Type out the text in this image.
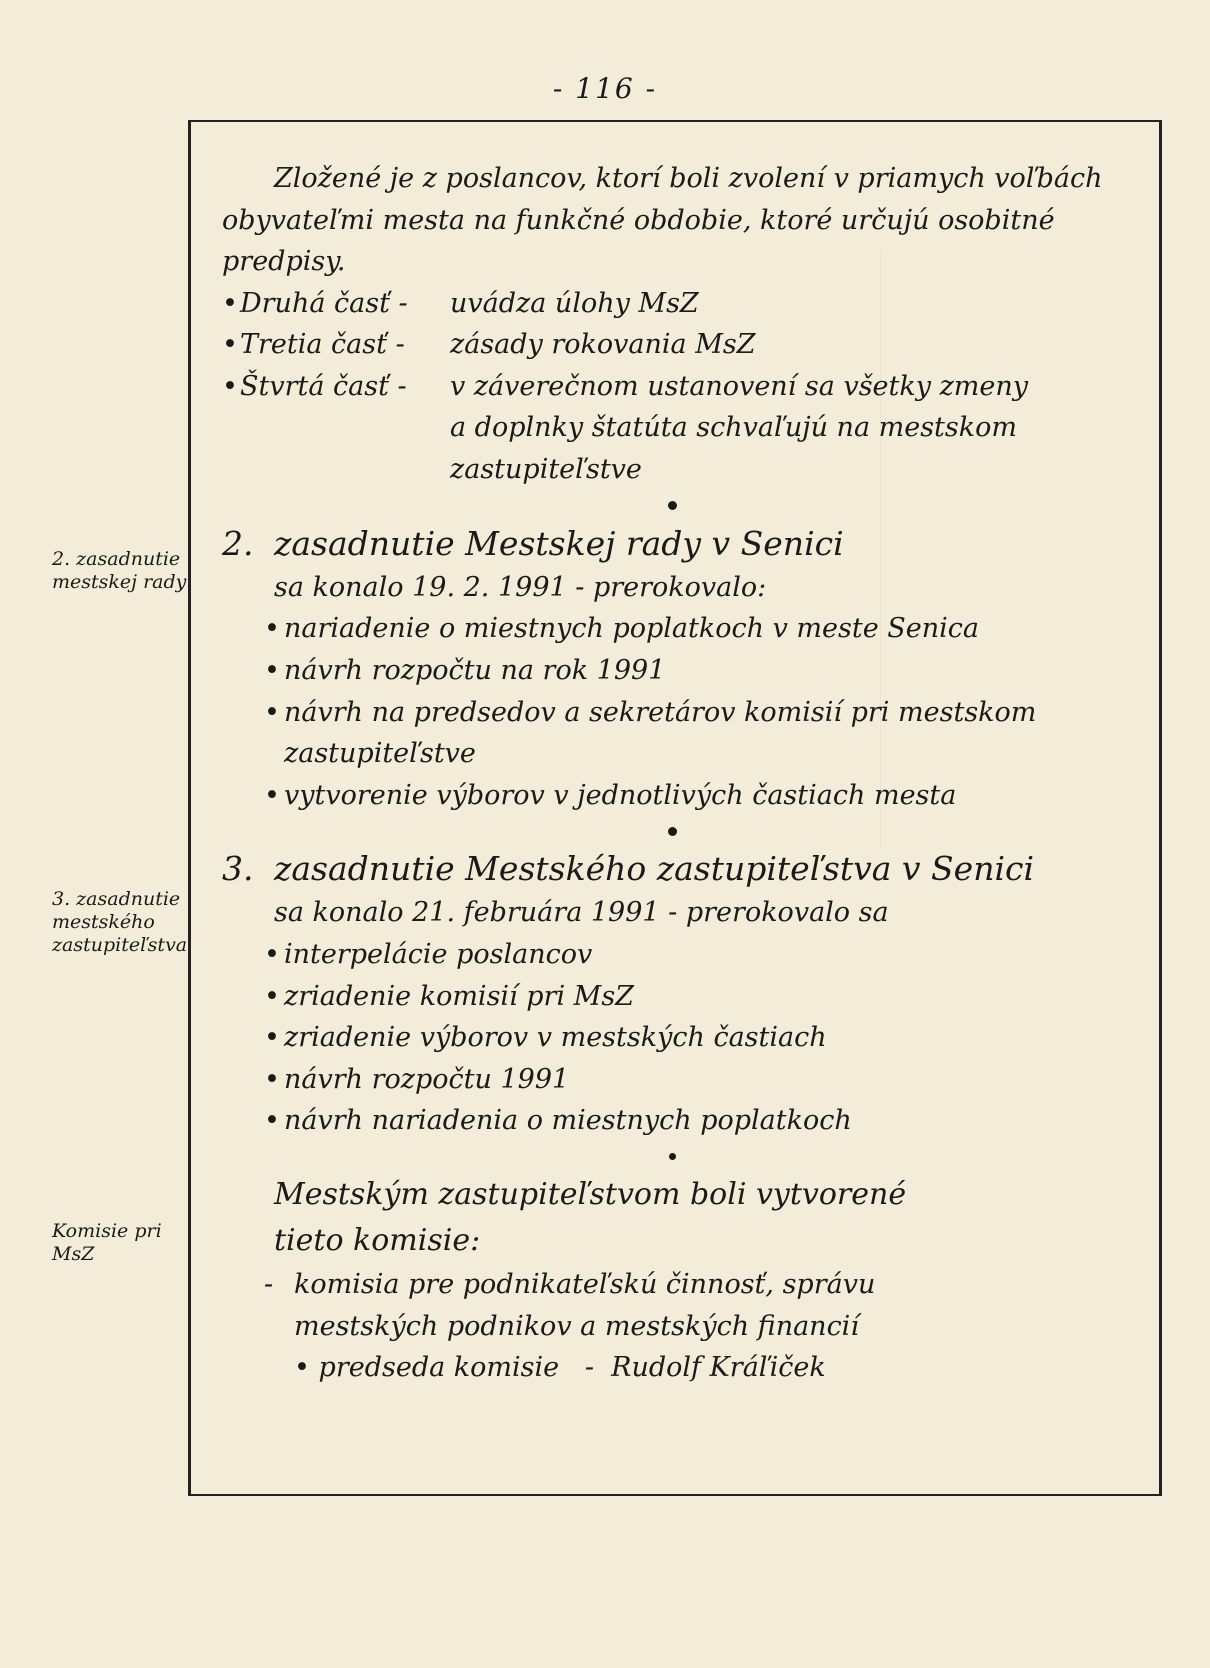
- 116 -
2. zasadnutie mestskej rady
3. zasadnutie mestského zastupiteľstva
Komisie pri MsZ

Zložené je z poslancov, ktorí boli zvolení v priamych voľbách obyvateľmi mesta na funkčné obdobie, ktoré určujú osobitné predpisy.

• Druhá časť -	uvádza úlohy MsZ
• Tretia časť -	zásady rokovania MsZ
• Štvrtá časť -	v záverečnom ustanovení sa všetky zmeny

a doplnky štatúta schvaľujú na mestskom

zastupiteľstve

2. zasadnutie Mestskej rady v Senici

sa konalo 19. 2. 1991 - prerokovalo:

• nariadenie o miestnych poplatkoch v meste Senica

• návrh rozpočtu na rok 1991

• návrh na predsedov a sekretárov komisií pri mestskom

zastupiteľstve

• vytvorenie výborov v jednotlivých častiach mesta

3. zasadnutie Mestského zastupiteľstva v Senici

sa konalo 21. februára 1991 - prerokovalo sa

• interpelácie poslancov

• zriadenie komisií pri MsZ

• zriadenie výborov v mestských častiach

• návrh rozpočtu 1991

• návrh nariadenia o miestnych poplatkoch

Mestským zastupiteľstvom boli vytvorené

tieto komisie:

- komisia pre podnikateľskú činnosť, správu

mestských podnikov a mestských financií

• predseda komisie - Rudolf Kráľiček
